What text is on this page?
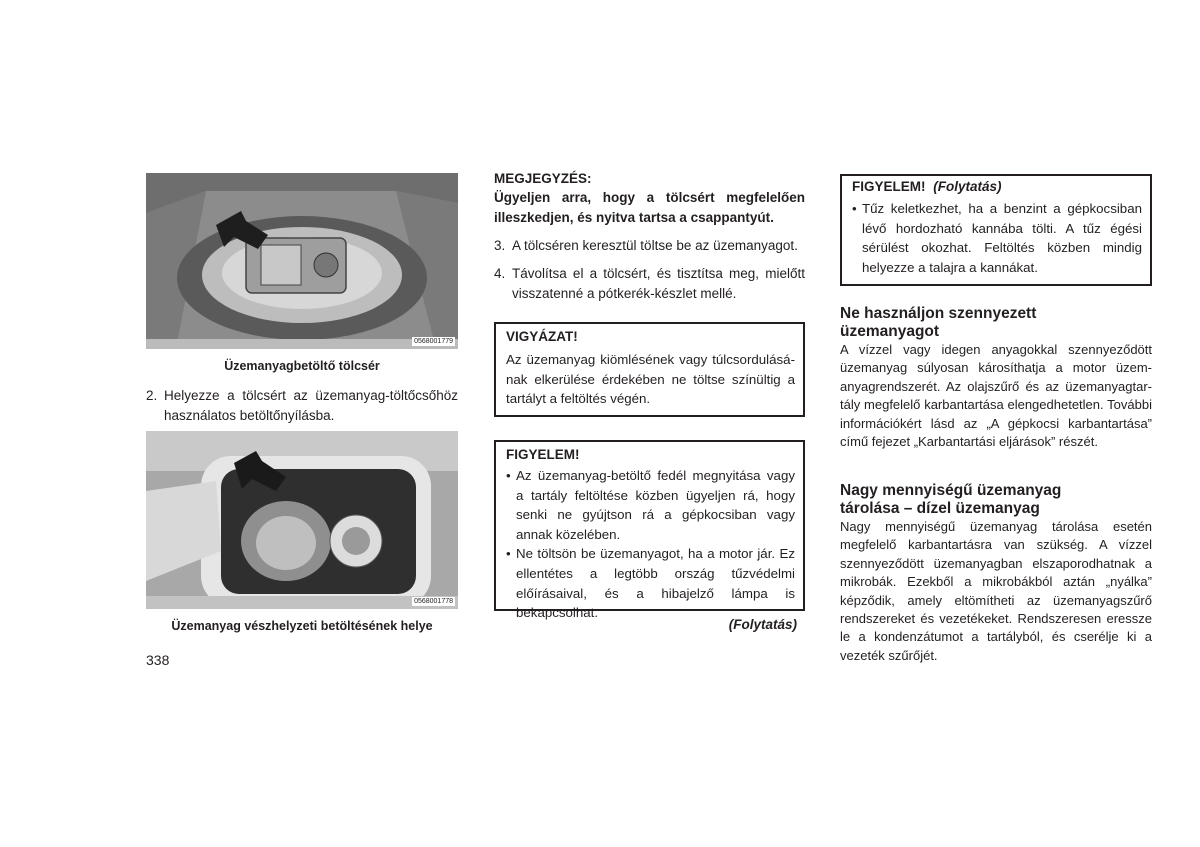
0568001779
Üzemanyagbetöltő tölcsér
2. Helyezze a tölcsért az üzemanyag-töltőcsőhöz használatos betöltőnyílásba.
0568001778
Üzemanyag vészhelyzeti betöltésének helye
338
MEGJEGYZÉS:
Ügyeljen arra, hogy a tölcsért megfelelően illeszkedjen, és nyitva tartsa a csappantyút.
3. A tölcséren keresztül töltse be az üzemanyagot.
4. Távolítsa el a tölcsért, és tisztítsa meg, mielőtt visszatenné a pótkerék-készlet mellé.
VIGYÁZAT!
Az üzemanyag kiömlésének vagy túlcsordulásának elkerülése érdekében ne töltse színültig a tartályt a feltöltés végén.
FIGYELEM!
• Az üzemanyag-betöltő fedél megnyitása vagy a tartály feltöltése közben ügyeljen rá, hogy senki ne gyújtson rá a gépkocsiban vagy annak közelében.
• Ne töltsön be üzemanyagot, ha a motor jár. Ez ellentétes a legtöbb ország tűzvédelmi előírásaival, és a hibajelző lámpa is bekapcsolhat.
(Folytatás)
FIGYELEM! (Folytatás)
• Tűz keletkezhet, ha a benzint a gépkocsiban lévő hordozható kannába tölti. A tűz égési sérülést okozhat. Feltöltés közben mindig helyezze a talajra a kannákat.
Ne használjon szennyezett
üzemanyagot
A vízzel vagy idegen anyagokkal szennyeződött üzemanyag súlyosan károsíthatja a motor üzemanyagrendszerét. Az olajszűrő és az üzemanyagtartály megfelelő karbantartása elengedhetetlen. További információkért lásd az „A gépkocsi karbantartása” című fejezet „Karbantartási eljárások” részét.
Nagy mennyiségű üzemanyag
tárolása – dízel üzemanyag
Nagy mennyiségű üzemanyag tárolása esetén megfelelő karbantartásra van szükség. A vízzel szennyeződött üzemanyagban elszaporodhatnak a mikrobák. Ezekből a mikrobákból aztán „nyálka” képződik, amely eltömítheti az üzemanyagszűrő rendszereket és vezetékeket. Rendszeresen eressze le a kondenzátumot a tartályból, és cserélje ki a vezeték szűrőjét.
